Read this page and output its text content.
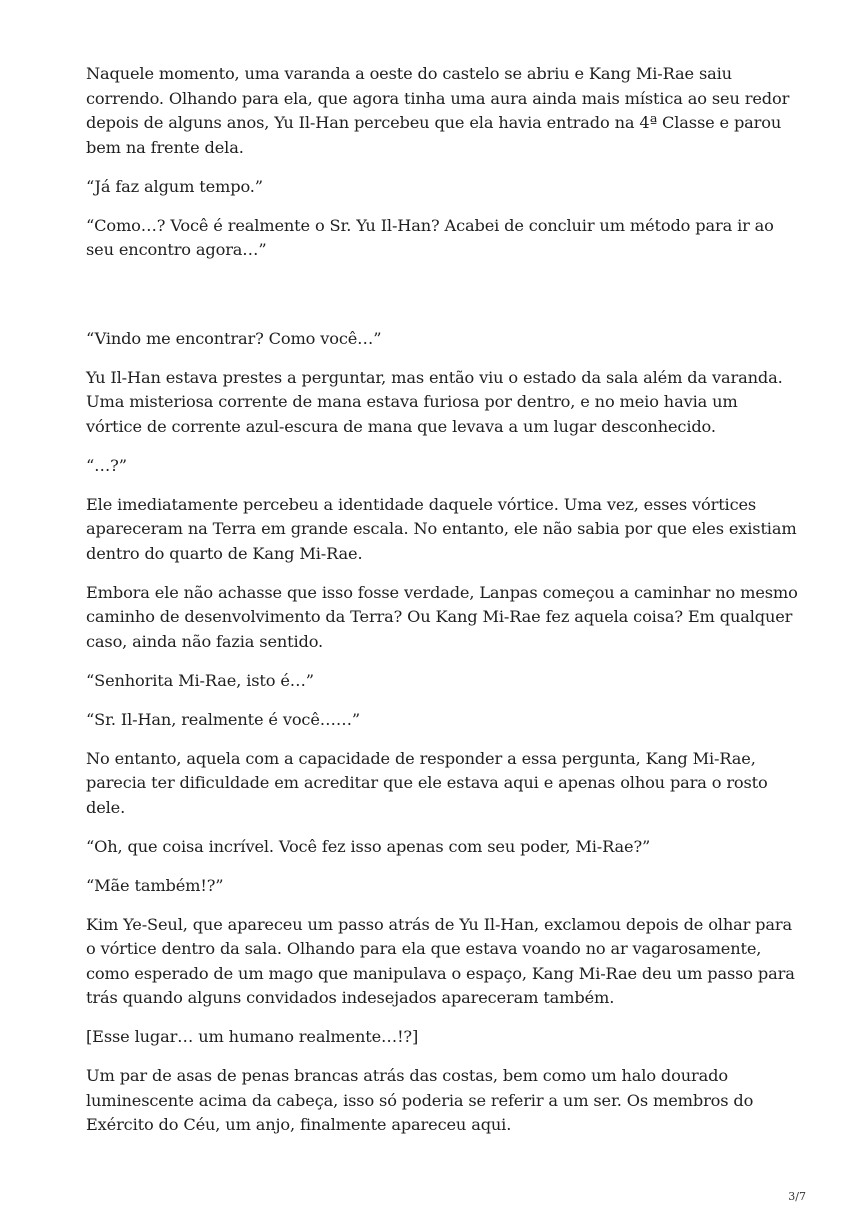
Naquele momento, uma varanda a oeste do castelo se abriu e Kang Mi-Rae saiu correndo. Olhando para ela, que agora tinha uma aura ainda mais mística ao seu redor depois de alguns anos, Yu Il-Han percebeu que ela havia entrado na 4ª Classe e parou bem na frente dela.

“Já faz algum tempo.”

“Como…? Você é realmente o Sr. Yu Il-Han? Acabei de concluir um método para ir ao seu encontro agora…”

“Vindo me encontrar? Como você…”

Yu Il-Han estava prestes a perguntar, mas então viu o estado da sala além da varanda. Uma misteriosa corrente de mana estava furiosa por dentro, e no meio havia um vórtice de corrente azul-escura de mana que levava a um lugar desconhecido.

“…?”

Ele imediatamente percebeu a identidade daquele vórtice. Uma vez, esses vórtices apareceram na Terra em grande escala. No entanto, ele não sabia por que eles existiam dentro do quarto de Kang Mi-Rae.

Embora ele não achasse que isso fosse verdade, Lanpas começou a caminhar no mesmo caminho de desenvolvimento da Terra? Ou Kang Mi-Rae fez aquela coisa? Em qualquer caso, ainda não fazia sentido.

“Senhorita Mi-Rae, isto é…”

“Sr. Il-Han, realmente é você……”

No entanto, aquela com a capacidade de responder a essa pergunta, Kang Mi-Rae, parecia ter dificuldade em acreditar que ele estava aqui e apenas olhou para o rosto dele.

“Oh, que coisa incrível. Você fez isso apenas com seu poder, Mi-Rae?”

“Mãe também!?”

Kim Ye-Seul, que apareceu um passo atrás de Yu Il-Han, exclamou depois de olhar para o vórtice dentro da sala. Olhando para ela que estava voando no ar vagarosamente, como esperado de um mago que manipulava o espaço, Kang Mi-Rae deu um passo para trás quando alguns convidados indesejados apareceram também.

[Esse lugar… um humano realmente…!?]

Um par de asas de penas brancas atrás das costas, bem como um halo dourado luminescente acima da cabeça, isso só poderia se referir a um ser. Os membros do Exército do Céu, um anjo, finalmente apareceu aqui.

3/7
